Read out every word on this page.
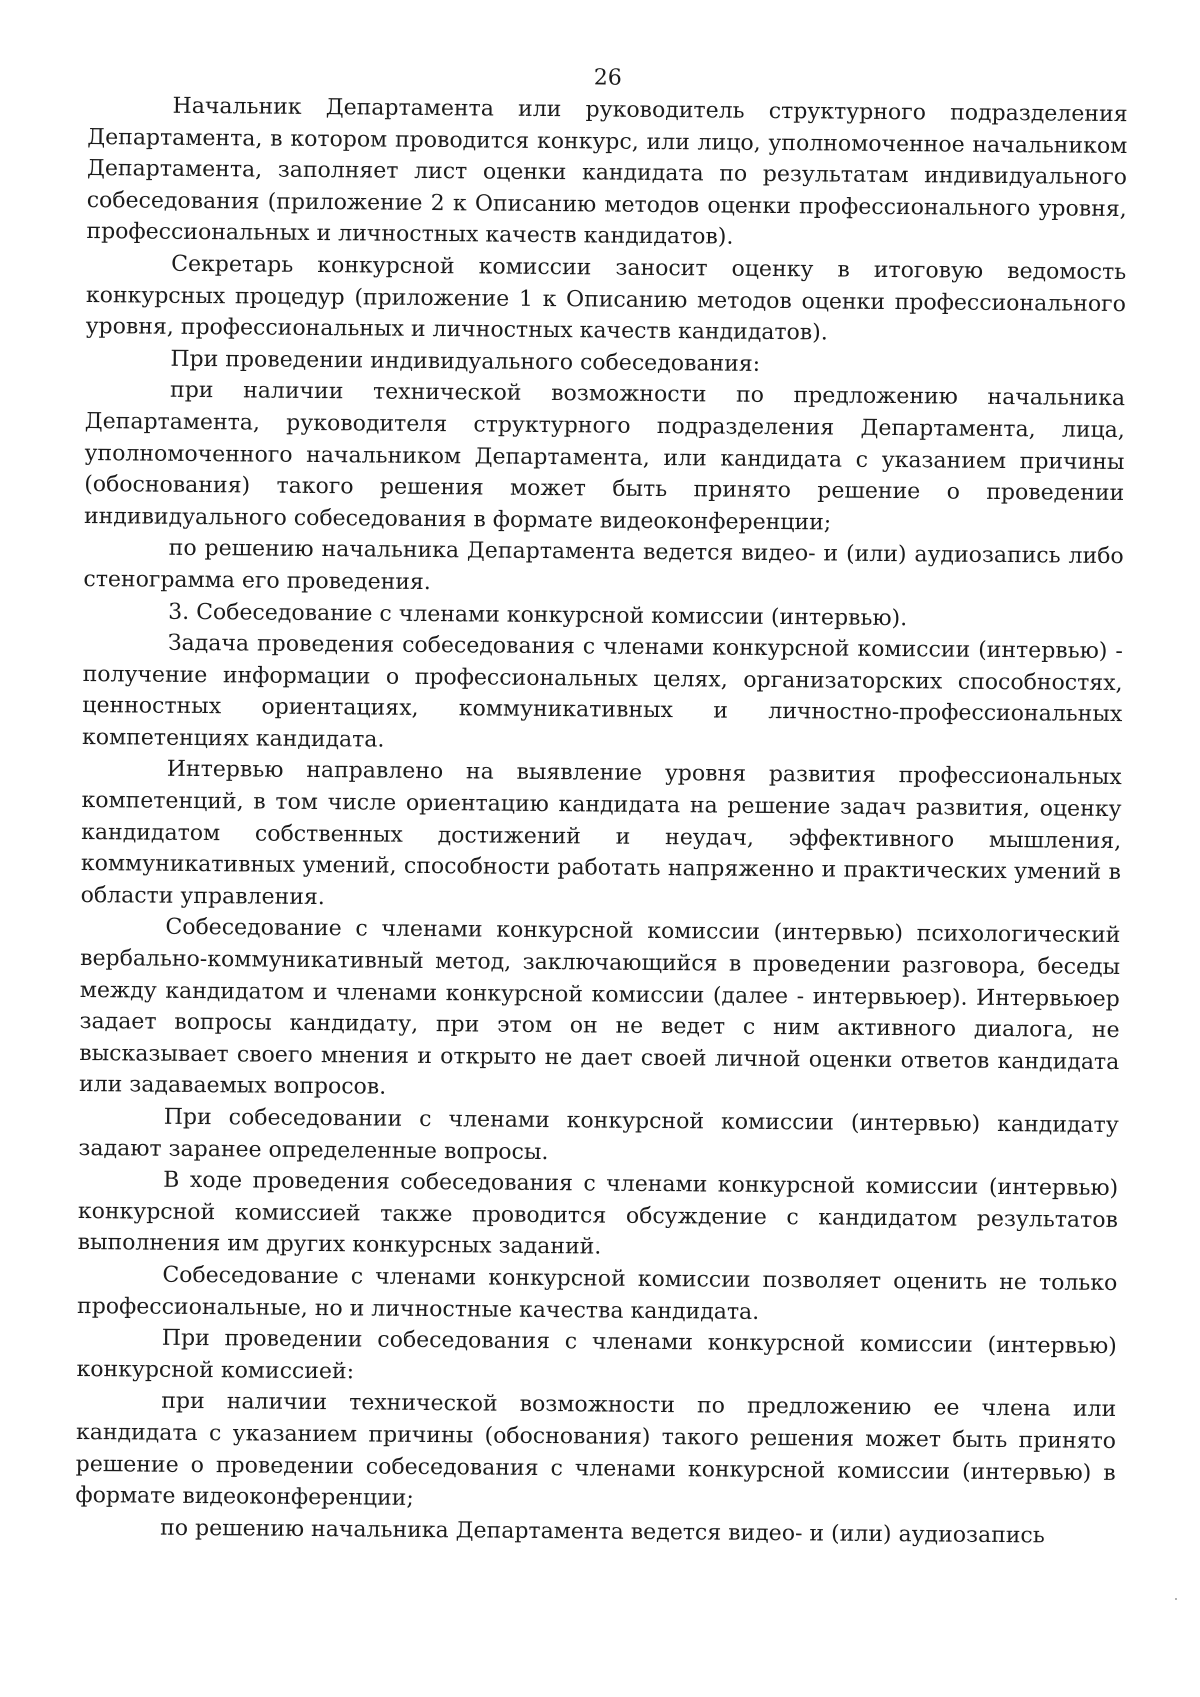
26

Начальник Департамента или руководитель структурного подразделения Департамента, в котором проводится конкурс, или лицо, уполномоченное начальником Департамента, заполняет лист оценки кандидата по результатам индивидуального собеседования (приложение 2 к Описанию методов оценки профессионального уровня, профессиональных и личностных качеств кандидатов).

Секретарь конкурсной комиссии заносит оценку в итоговую ведомость конкурсных процедур (приложение 1 к Описанию методов оценки профессионального уровня, профессиональных и личностных качеств кандидатов).

При проведении индивидуального собеседования:

при наличии технической возможности по предложению начальника Департамента, руководителя структурного подразделения Департамента, лица, уполномоченного начальником Департамента, или кандидата с указанием причины (обоснования) такого решения может быть принято решение о проведении индивидуального собеседования в формате видеоконференции;

по решению начальника Департамента ведется видео- и (или) аудиозапись либо стенограмма его проведения.

3. Собеседование с членами конкурсной комиссии (интервью).

Задача проведения собеседования с членами конкурсной комиссии (интервью) - получение информации о профессиональных целях, организаторских способностях, ценностных ориентациях, коммуникативных и личностно-профессиональных компетенциях кандидата.

Интервью направлено на выявление уровня развития профессиональных компетенций, в том числе ориентацию кандидата на решение задач развития, оценку кандидатом собственных достижений и неудач, эффективного мышления, коммуникативных умений, способности работать напряженно и практических умений в области управления.

Собеседование с членами конкурсной комиссии (интервью) психологический вербально-коммуникативный метод, заключающийся в проведении разговора, беседы между кандидатом и членами конкурсной комиссии (далее - интервьюер). Интервьюер задает вопросы кандидату, при этом он не ведет с ним активного диалога, не высказывает своего мнения и открыто не дает своей личной оценки ответов кандидата или задаваемых вопросов.

При собеседовании с членами конкурсной комиссии (интервью) кандидату задают заранее определенные вопросы.

В ходе проведения собеседования с членами конкурсной комиссии (интервью) конкурсной комиссией также проводится обсуждение с кандидатом результатов выполнения им других конкурсных заданий.

Собеседование с членами конкурсной комиссии позволяет оценить не только профессиональные, но и личностные качества кандидата.

При проведении собеседования с членами конкурсной комиссии (интервью) конкурсной комиссией:

при наличии технической возможности по предложению ее члена или кандидата с указанием причины (обоснования) такого решения может быть принято решение о проведении собеседования с членами конкурсной комиссии (интервью) в формате видеоконференции;

по решению начальника Департамента ведется видео- и (или) аудиозапись
